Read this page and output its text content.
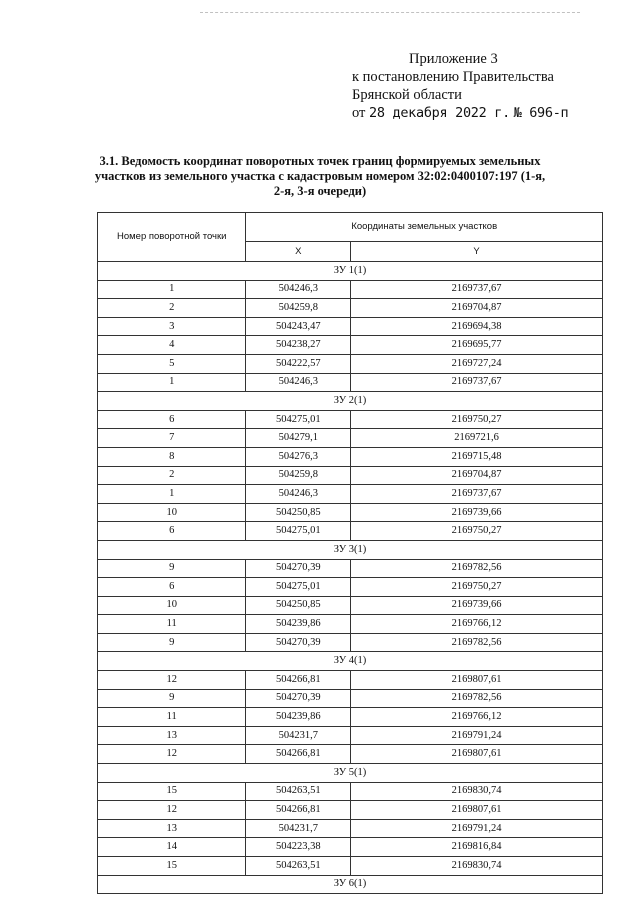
Приложение 3
к постановлению Правительства
Брянской области
от 28 декабря 2022 г. № 696-п
3.1. Ведомость координат поворотных точек границ формируемых земельных участков из земельного участка с кадастровым номером 32:02:0400107:197 (1-я, 2-я, 3-я очереди)
Номер поворотной точки	Координаты земельных участков	
	X	Y
ЗУ 1(1)		
1	504246,3	2169737,67
2	504259,8	2169704,87
3	504243,47	2169694,38
4	504238,27	2169695,77
5	504222,57	2169727,24
1	504246,3	2169737,67
ЗУ 2(1)		
6	504275,01	2169750,27
7	504279,1	2169721,6
8	504276,3	2169715,48
2	504259,8	2169704,87
1	504246,3	2169737,67
10	504250,85	2169739,66
6	504275,01	2169750,27
ЗУ 3(1)		
9	504270,39	2169782,56
6	504275,01	2169750,27
10	504250,85	2169739,66
11	504239,86	2169766,12
9	504270,39	2169782,56
ЗУ 4(1)		
12	504266,81	2169807,61
9	504270,39	2169782,56
11	504239,86	2169766,12
13	504231,7	2169791,24
12	504266,81	2169807,61
ЗУ 5(1)		
15	504263,51	2169830,74
12	504266,81	2169807,61
13	504231,7	2169791,24
14	504223,38	2169816,84
15	504263,51	2169830,74
ЗУ 6(1)		
